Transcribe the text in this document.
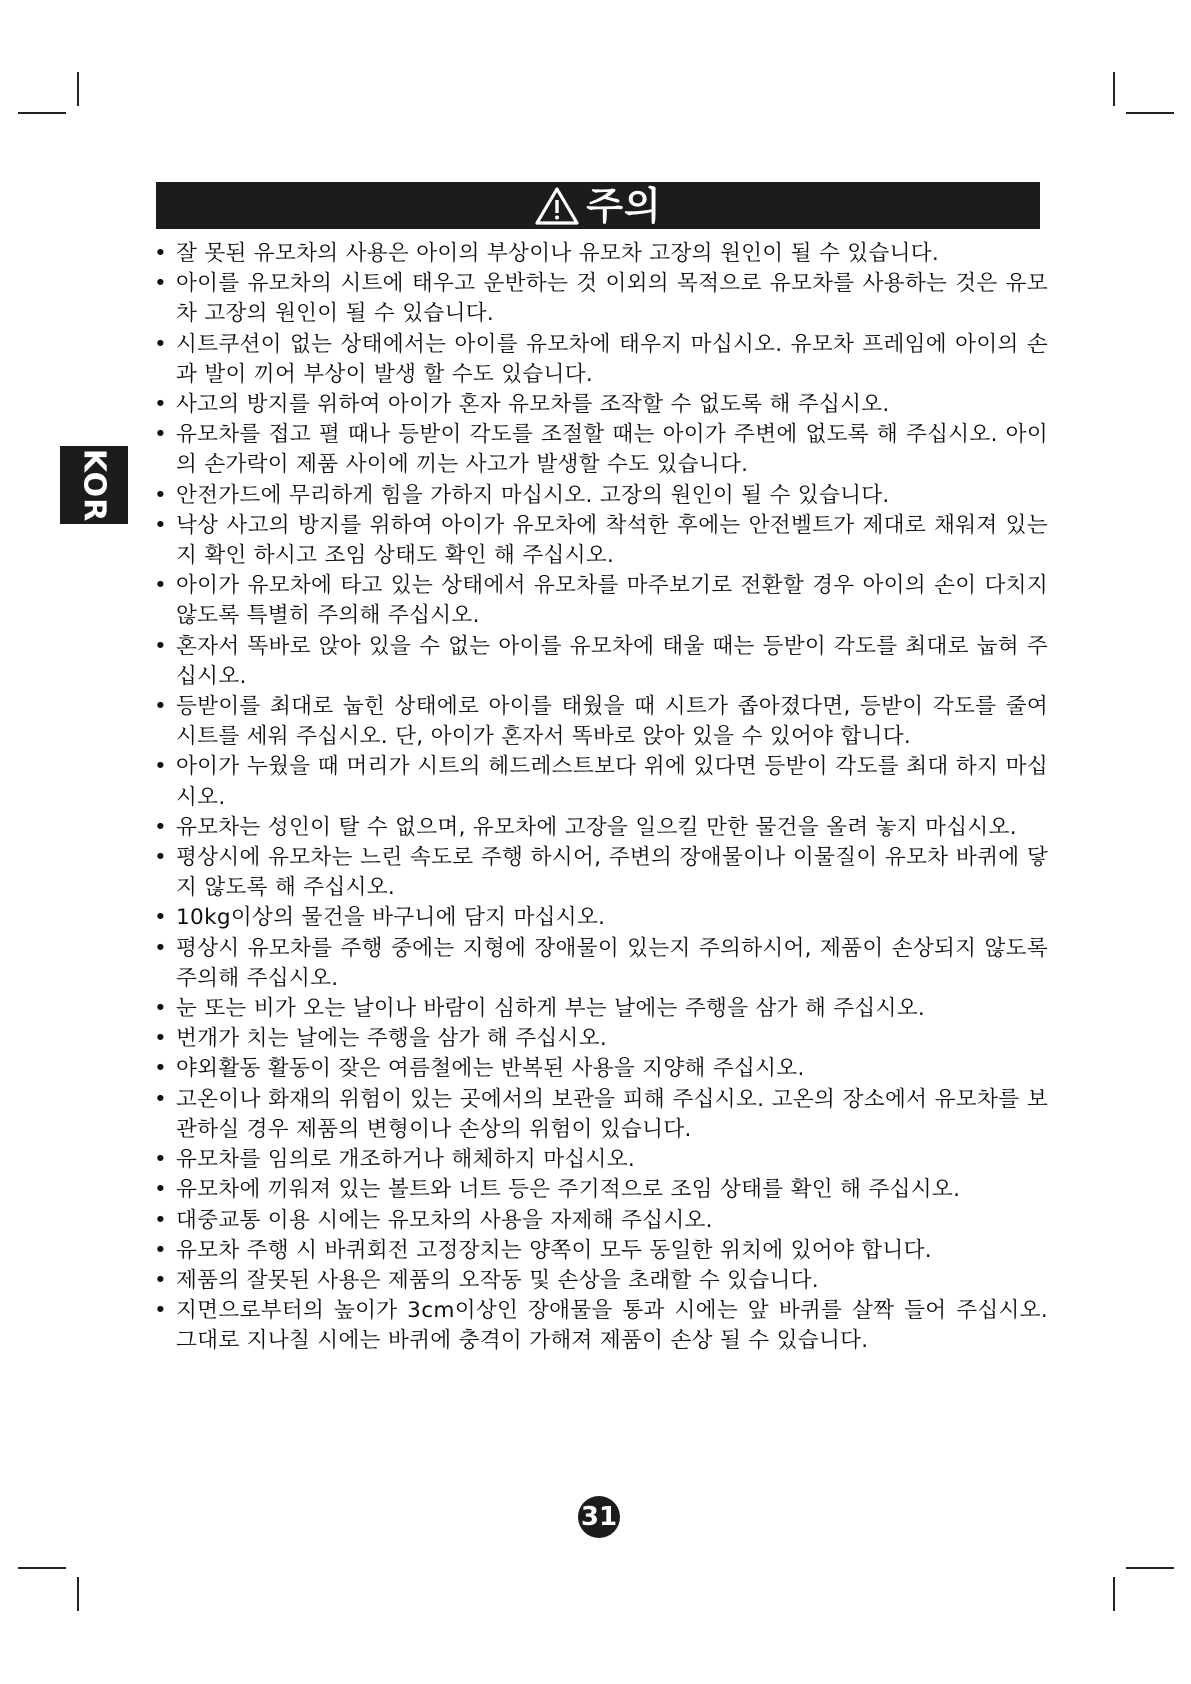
주의
KOR
• 잘 못된 유모차의 사용은 아이의 부상이나 유모차 고장의 원인이 될 수 있습니다.
• 아이를 유모차의 시트에 태우고 운반하는 것 이외의 목적으로 유모차를 사용하는 것은 유모차 고장의 원인이 될 수 있습니다.
• 시트쿠션이 없는 상태에서는 아이를 유모차에 태우지 마십시오. 유모차 프레임에 아이의 손과 발이 끼어 부상이 발생 할 수도 있습니다.
• 사고의 방지를 위하여 아이가 혼자 유모차를 조작할 수 없도록 해 주십시오.
• 유모차를 접고 펼 때나 등받이 각도를 조절할 때는 아이가 주변에 없도록 해 주십시오. 아이의 손가락이 제품 사이에 끼는 사고가 발생할 수도 있습니다.
• 안전가드에 무리하게 힘을 가하지 마십시오. 고장의 원인이 될 수 있습니다.
• 낙상 사고의 방지를 위하여 아이가 유모차에 착석한 후에는 안전벨트가 제대로 채워져 있는지 확인 하시고 조임 상태도 확인 해 주십시오.
• 아이가 유모차에 타고 있는 상태에서 유모차를 마주보기로 전환할 경우 아이의 손이 다치지 않도록 특별히 주의해 주십시오.
• 혼자서 똑바로 앉아 있을 수 없는 아이를 유모차에 태울 때는 등받이 각도를 최대로 눕혀 주십시오.
• 등받이를 최대로 눕힌 상태에로 아이를 태웠을 때 시트가 좁아졌다면, 등받이 각도를 줄여 시트를 세워 주십시오. 단, 아이가 혼자서 똑바로 앉아 있을 수 있어야 합니다.
• 아이가 누웠을 때 머리가 시트의 헤드레스트보다 위에 있다면 등받이 각도를 최대 하지 마십시오.
• 유모차는 성인이 탈 수 없으며, 유모차에 고장을 일으킬 만한 물건을 올려 놓지 마십시오.
• 평상시에 유모차는 느린 속도로 주행 하시어, 주변의 장애물이나 이물질이 유모차 바퀴에 닿지 않도록 해 주십시오.
• 10kg이상의 물건을 바구니에 담지 마십시오.
• 평상시 유모차를 주행 중에는 지형에 장애물이 있는지 주의하시어, 제품이 손상되지 않도록 주의해 주십시오.
• 눈 또는 비가 오는 날이나 바람이 심하게 부는 날에는 주행을 삼가 해 주십시오.
• 번개가 치는 날에는 주행을 삼가 해 주십시오.
• 야외활동 활동이 잦은 여름철에는 반복된 사용을 지양해 주십시오.
• 고온이나 화재의 위험이 있는 곳에서의 보관을 피해 주십시오. 고온의 장소에서 유모차를 보관하실 경우 제품의 변형이나 손상의 위험이 있습니다.
• 유모차를 임의로 개조하거나 해체하지 마십시오.
• 유모차에 끼워져 있는 볼트와 너트 등은 주기적으로 조임 상태를 확인 해 주십시오.
• 대중교통 이용 시에는 유모차의 사용을 자제해 주십시오.
• 유모차 주행 시 바퀴회전 고정장치는 양쪽이 모두 동일한 위치에 있어야 합니다.
• 제품의 잘못된 사용은 제품의 오작동 및 손상을 초래할 수 있습니다.
• 지면으로부터의 높이가 3cm이상인 장애물을 통과 시에는 앞 바퀴를 살짝 들어 주십시오. 그대로 지나칠 시에는 바퀴에 충격이 가해져 제품이 손상 될 수 있습니다.
31
